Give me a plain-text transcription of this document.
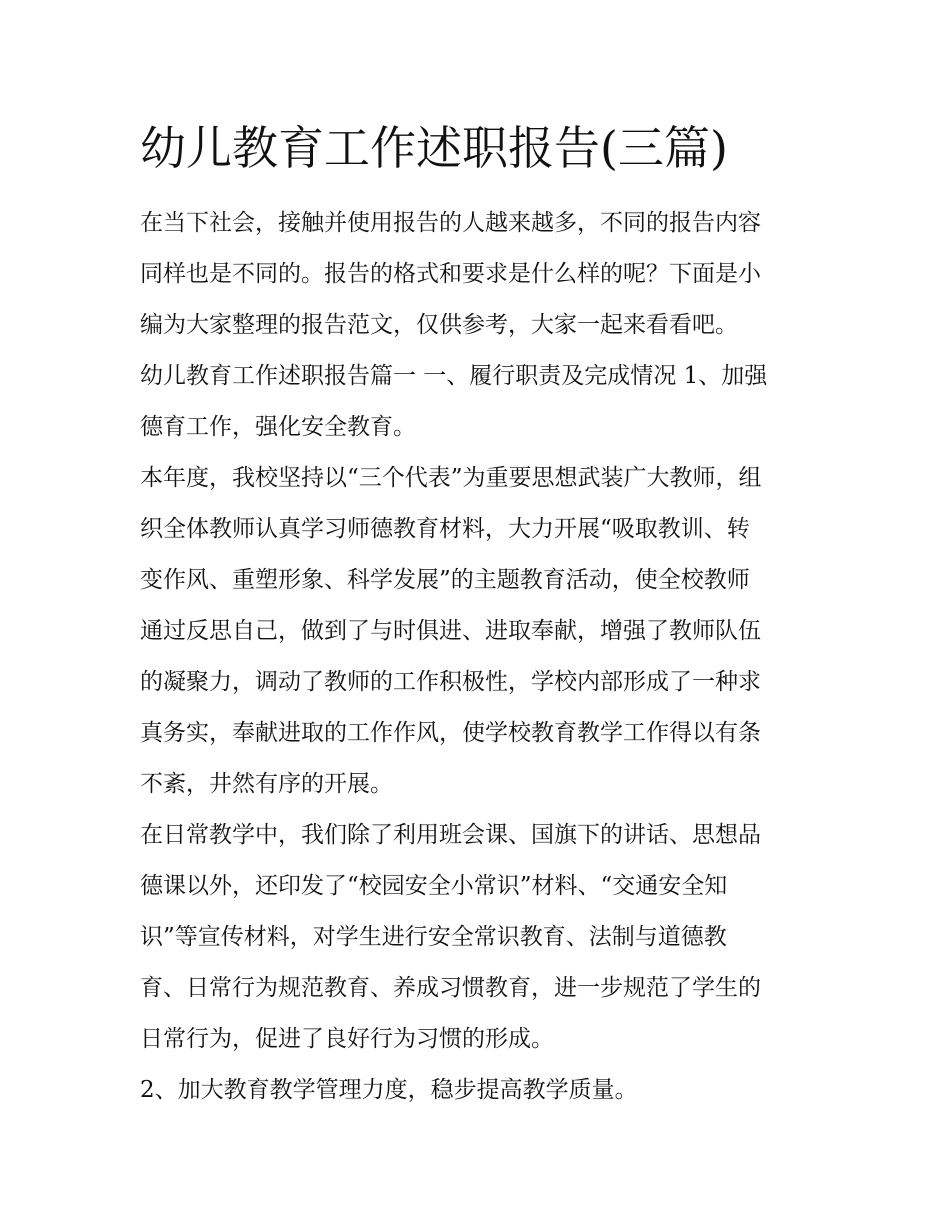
幼儿教育工作述职报告(三篇)

在当下社会，接触并使用报告的人越来越多，不同的报告内容
同样也是不同的。报告的格式和要求是什么样的呢？下面是小
编为大家整理的报告范文，仅供参考，大家一起来看看吧。

幼儿教育工作述职报告篇一 一、履行职责及完成情况 1、加强
德育工作，强化安全教育。

本年度，我校坚持以“三个代表”为重要思想武装广大教师，组
织全体教师认真学习师德教育材料，大力开展“吸取教训、转
变作风、重塑形象、科学发展”的主题教育活动，使全校教师
通过反思自己，做到了与时俱进、进取奉献，增强了教师队伍
的凝聚力，调动了教师的工作积极性，学校内部形成了一种求
真务实，奉献进取的工作作风，使学校教育教学工作得以有条
不紊，井然有序的开展。

在日常教学中，我们除了利用班会课、国旗下的讲话、思想品
德课以外，还印发了“校园安全小常识”材料、“交通安全知
识”等宣传材料，对学生进行安全常识教育、法制与道德教
育、日常行为规范教育、养成习惯教育，进一步规范了学生的
日常行为，促进了良好行为习惯的形成。

2、加大教育教学管理力度，稳步提高教学质量。
